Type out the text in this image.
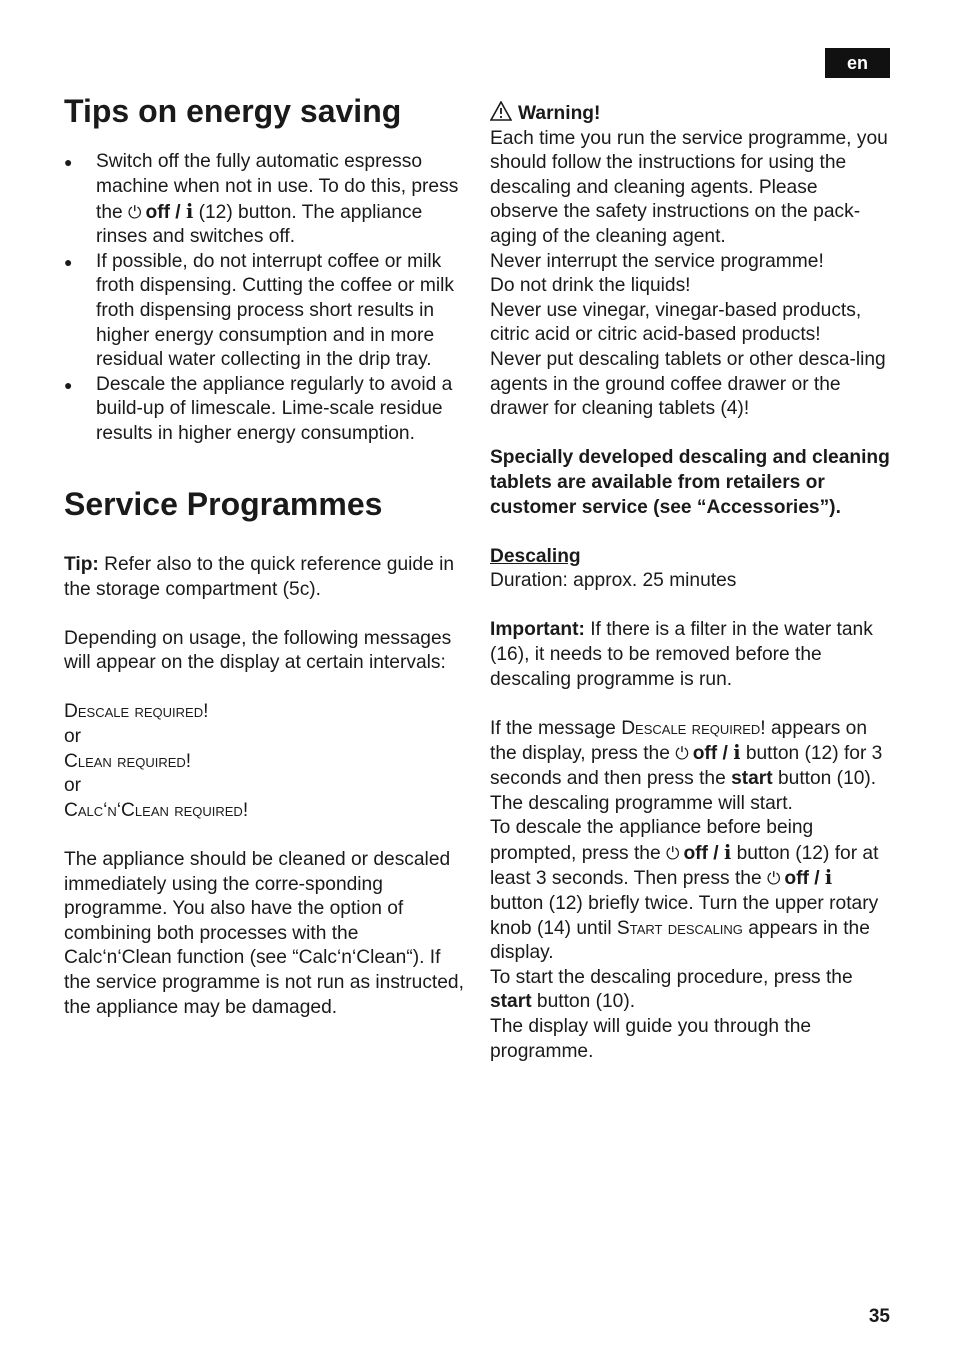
en
Tips on energy saving
● Switch off the fully automatic espresso machine when not in use. To do this, press the ⏻ off / i (12) button. The appliance rinses and switches off.
● If possible, do not interrupt coffee or milk froth dispensing. Cutting the coffee or milk froth dispensing process short results in higher energy consumption and in more residual water collecting in the drip tray.
● Descale the appliance regularly to avoid a build-up of limescale. Lime-scale residue results in higher energy consumption.
Service Programmes

Tip: Refer also to the quick reference guide in the storage compartment (5c).

Depending on usage, the following messages will appear on the display at certain intervals:

Descale required!

or

Clean required!

or

Calc‘n‘Clean required!

The appliance should be cleaned or descaled immediately using the corre-sponding programme. You also have the option of combining both processes with the Calc‘n‘Clean function (see “Calc‘n‘Clean“). If the service programme is not run as instructed, the appliance may be damaged.

Warning!

Each time you run the service programme, you should follow the instructions for using the descaling and cleaning agents. Please observe the safety instructions on the pack-aging of the cleaning agent.

Never interrupt the service programme!

Do not drink the liquids!

Never use vinegar, vinegar-based products, citric acid or citric acid-based products!

Never put descaling tablets or other desca-ling agents in the ground coffee drawer or the drawer for cleaning tablets (4)!

Specially developed descaling and cleaning tablets are available from retailers or customer service (see “Accessories”).

Descaling

Duration: approx. 25 minutes

Important: If there is a filter in the water tank (16), it needs to be removed before the descaling programme is run.

If the message Descale required! appears on the display, press the ⏻ off / i button (12) for 3 seconds and then press the start button (10). The descaling programme will start.

To descale the appliance before being prompted, press the ⏻ off / i button (12) for at least 3 seconds. Then press the ⏻ off / i button (12) briefly twice. Turn the upper rotary knob (14) until Start descaling appears in the display.

To start the descaling procedure, press the start button (10).

The display will guide you through the programme.

35
